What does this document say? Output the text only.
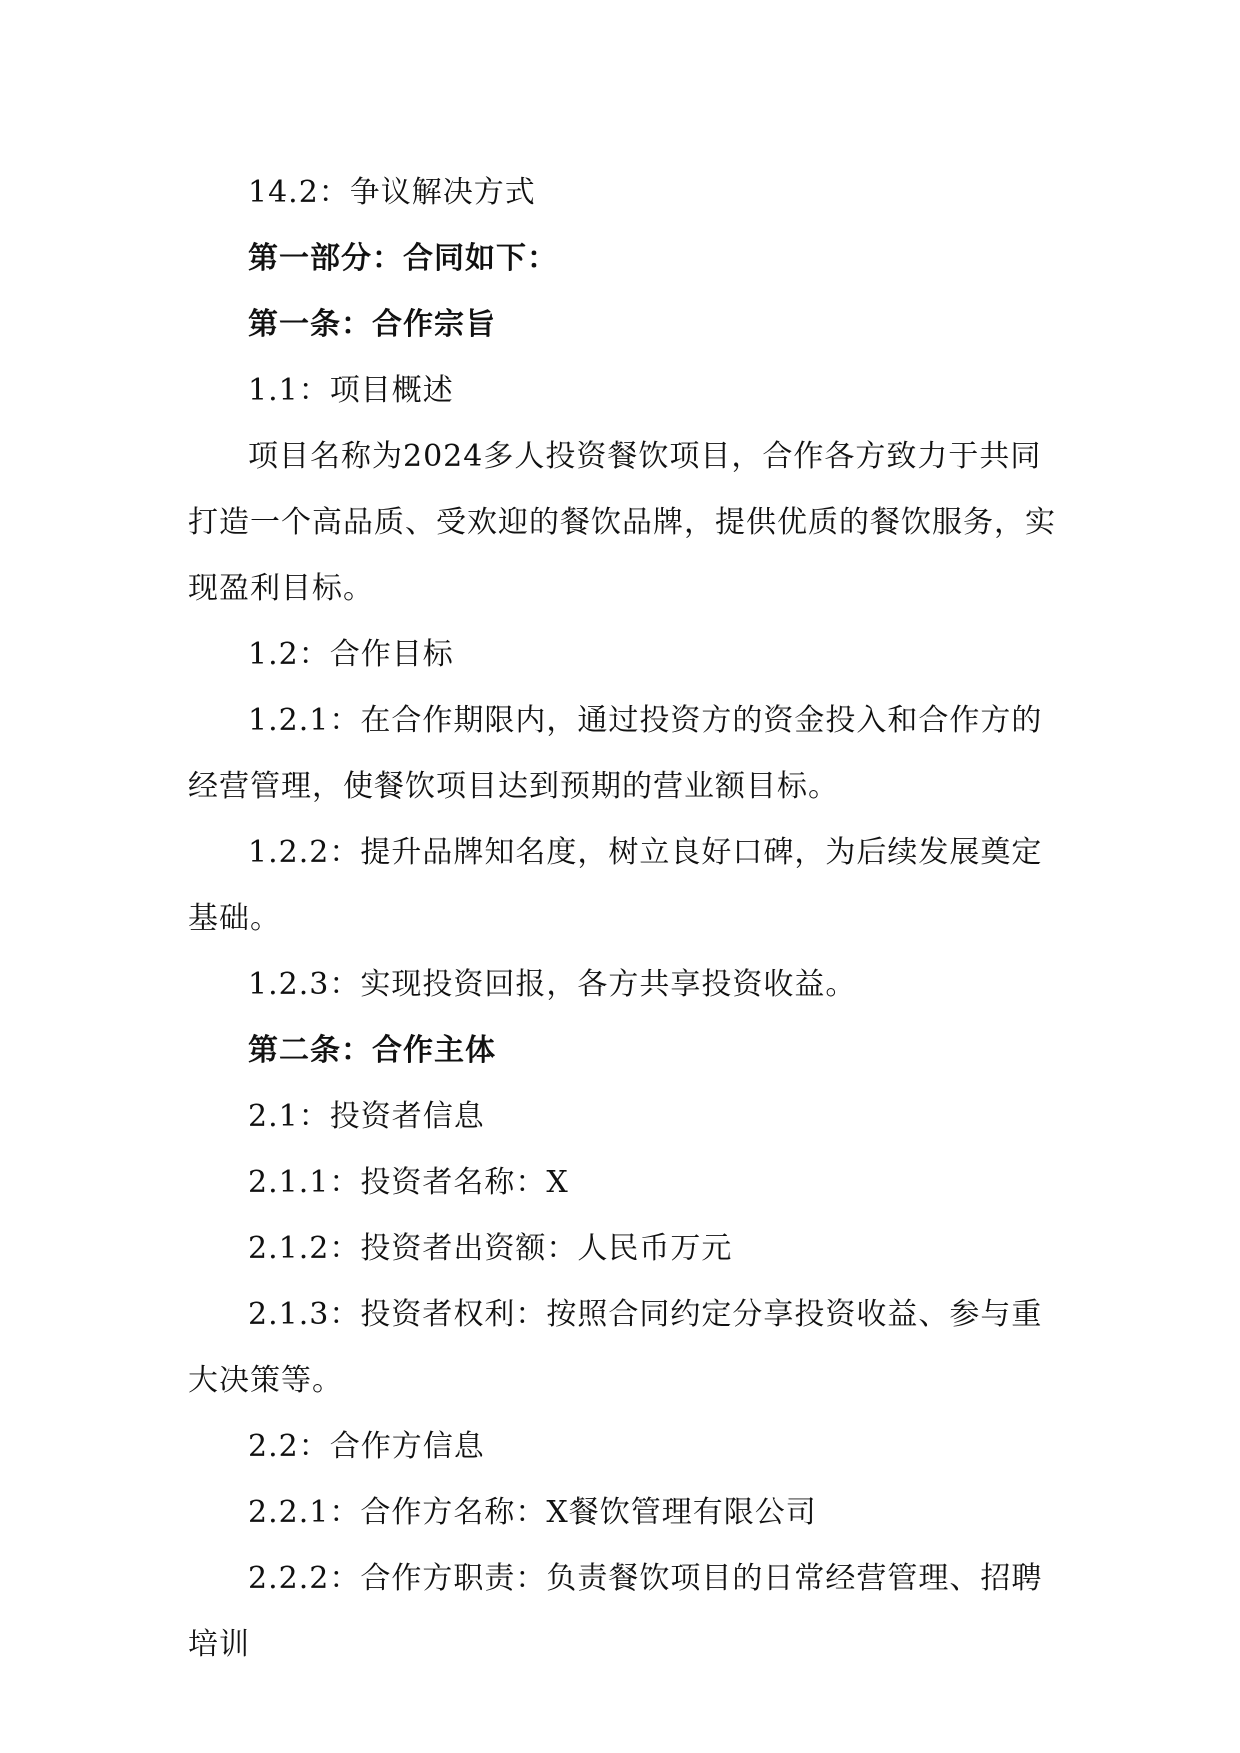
14.2：争议解决方式

第一部分：合同如下：

第一条：合作宗旨

1.1：项目概述

项目名称为2024多人投资餐饮项目，合作各方致力于共同打造一个高品质、受欢迎的餐饮品牌，提供优质的餐饮服务，实现盈利目标。

1.2：合作目标

1.2.1：在合作期限内，通过投资方的资金投入和合作方的经营管理，使餐饮项目达到预期的营业额目标。

1.2.2：提升品牌知名度，树立良好口碑，为后续发展奠定基础。

1.2.3：实现投资回报，各方共享投资收益。

第二条：合作主体

2.1：投资者信息

2.1.1：投资者名称：X

2.1.2：投资者出资额：人民币万元

2.1.3：投资者权利：按照合同约定分享投资收益、参与重大决策等。

2.2：合作方信息

2.2.1：合作方名称：X餐饮管理有限公司

2.2.2：合作方职责：负责餐饮项目的日常经营管理、招聘培训
